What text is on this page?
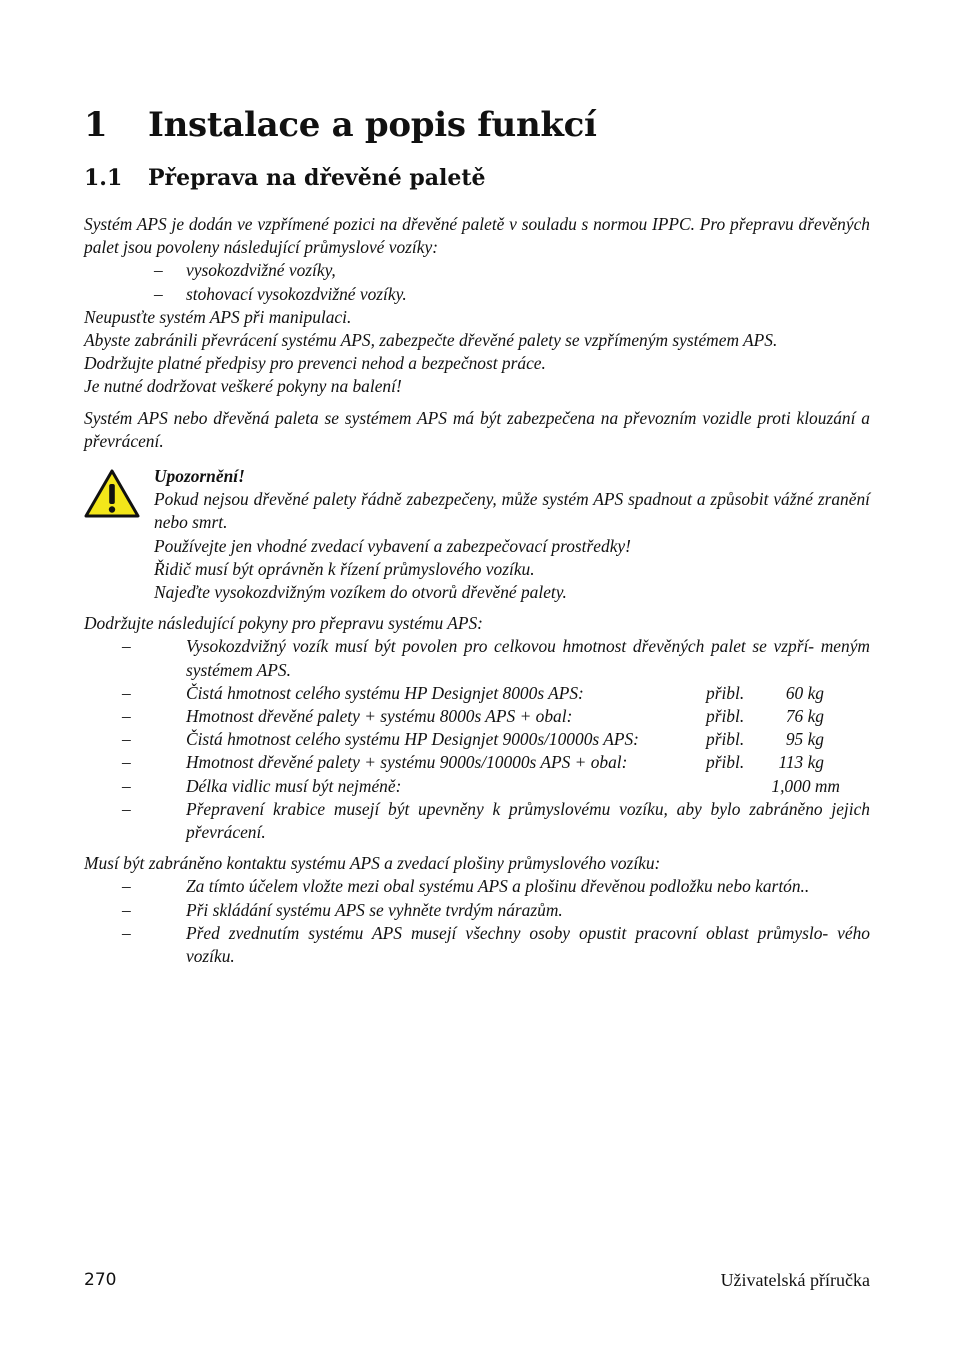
1 Instalace a popis funkcí
1.1 Přeprava na dřevěné paletě

Systém APS je dodán ve vzpřímené pozici na dřevěné paletě v souladu s normou IPPC. Pro přepravu dřevěných palet jsou povoleny následující průmyslové vozíky:

– vysokozdvižné vozíky,
– stohovací vysokozdvižné vozíky.

Neupusťte systém APS při manipulaci.

Abyste zabránili převrácení systému APS, zabezpečte dřevěné palety se vzpřímeným systémem APS.

Dodržujte platné předpisy pro prevenci nehod a bezpečnost práce.

Je nutné dodržovat veškeré pokyny na balení!

Systém APS nebo dřevěná paleta se systémem APS má být zabezpečena na převozním vozidle proti klouzání a převrácení.

Upozornění!

Pokud nejsou dřevěné palety řádně zabezpečeny, může systém APS spadnout a způsobit vážné zranění nebo smrt.

Používejte jen vhodné zvedací vybavení a zabezpečovací prostředky!

Řidič musí být oprávněn k řízení průmyslového vozíku.

Najeďte vysokozdvižným vozíkem do otvorů dřevěné palety.

Dodržujte následující pokyny pro přepravu systému APS:

–	Vysokozdvižný vozík musí být povolen pro celkovou hmotnost dřevěných palet se vzpří- meným systémem APS.
–	Čistá hmotnost celého systému HP Designjet 8000s APS:	přibl.	60 kg
–	Hmotnost dřevěné palety + systému 8000s APS + obal:	přibl.	76 kg
–	Čistá hmotnost celého systému HP Designjet 9000s/10000s APS:	přibl.	95 kg
–	Hmotnost dřevěné palety + systému 9000s/10000s APS + obal:	přibl.	113 kg
–	Délka vidlic musí být nejméně:	1,000 mm
–	Přepravení krabice musejí být upevněny k průmyslovému vozíku, aby bylo zabráněno jejich převrácení.

Musí být zabráněno kontaktu systému APS a zvedací plošiny průmyslového vozíku:

–	Za tímto účelem vložte mezi obal systému APS a plošinu dřevěnou podložku nebo kartón..
–	Při skládání systému APS se vyhněte tvrdým nárazům.
–	Před zvednutím systému APS musejí všechny osoby opustit pracovní oblast průmyslo- vého vozíku.
270	Uživatelská příručka
